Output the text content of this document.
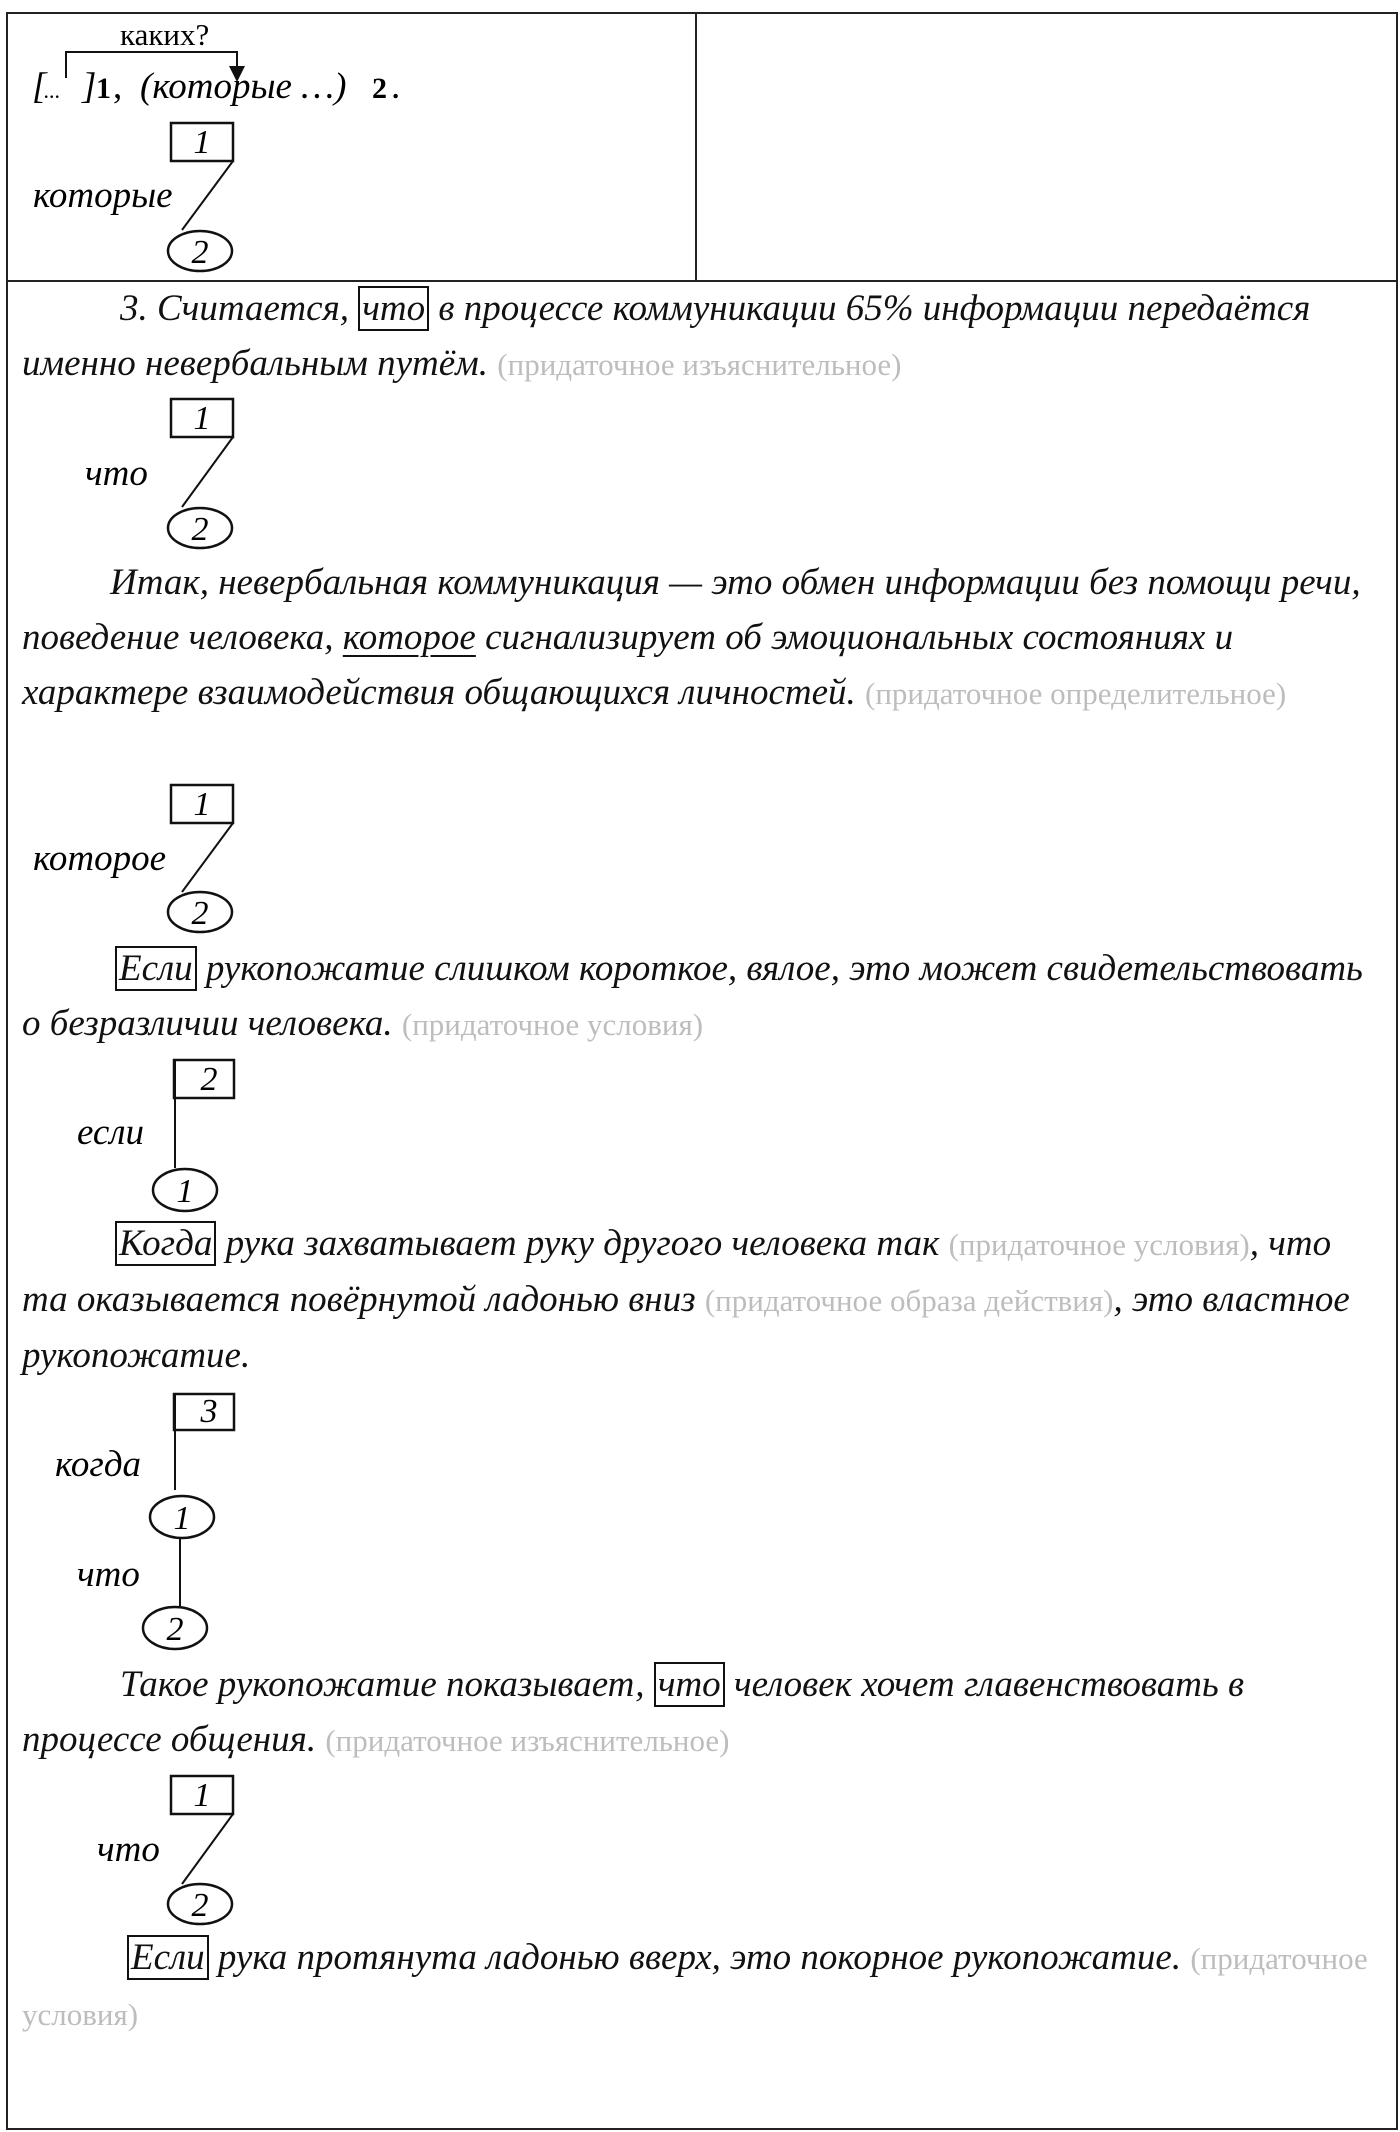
каких?
[
... ] 1 , (которые …) 2 .
1
2
которые
1
2
что
1
2
которое
2
1
если
3
1
2
когда
что
1
2
что

3. Считается, что в процессе коммуникации 65% информации передаётся именно невербальным путём. (придаточное изъяснительное)

Итак, невербальная коммуникация — это обмен информации без помощи речи, поведение человека, которое сигнализирует об эмоциональных состояниях и характере взаимодействия общающихся личностей. (придаточное определительное)

Если рукопожатие слишком короткое, вялое, это может свидетельствовать о безразличии человека. (придаточное условия)

Когда рука захватывает руку другого человека так (придаточное условия), что та оказывается повёрнутой ладонью вниз (придаточное образа действия), это властное рукопожатие.

Такое рукопожатие показывает, что человек хочет главенствовать в процессе общения. (придаточное изъяснительное)

Если рука протянута ладонью вверх, это покорное рукопожатие. (придаточное условия)
